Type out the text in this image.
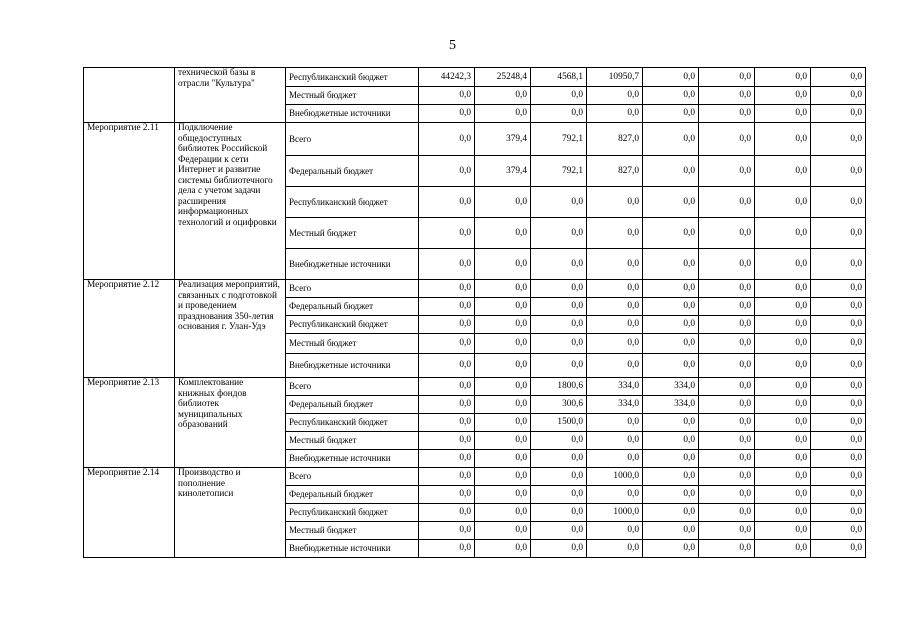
5
	технической базы в отрасли "Культура"	Республиканский бюджет	44242,3	25248,4	4568,1	10950,7	0,0	0,0	0,0	0,0
		Местный бюджет	0,0	0,0	0,0	0,0	0,0	0,0	0,0	0,0
		Внебюджетные источники	0,0	0,0	0,0	0,0	0,0	0,0	0,0	0,0
Мероприятие 2.11	Подключение общедоступных библиотек Российской Федерации к сети Интернет и развитие системы библиотечного дела с учетом задачи расширения информационных технологий и оцифровки	Всего	0,0	379,4	792,1	827,0	0,0	0,0	0,0	0,0
		Федеральный бюджет	0,0	379,4	792,1	827,0	0,0	0,0	0,0	0,0
		Республиканский бюджет	0,0	0,0	0,0	0,0	0,0	0,0	0,0	0,0
		Местный бюджет	0,0	0,0	0,0	0,0	0,0	0,0	0,0	0,0
		Внебюджетные источники	0,0	0,0	0,0	0,0	0,0	0,0	0,0	0,0
Мероприятие 2.12	Реализация мероприятий, связанных с подготовкой и проведением празднования 350-летия основания г. Улан-Удэ	Всего	0,0	0,0	0,0	0,0	0,0	0,0	0,0	0,0
		Федеральный бюджет	0,0	0,0	0,0	0,0	0,0	0,0	0,0	0,0
		Республиканский бюджет	0,0	0,0	0,0	0,0	0,0	0,0	0,0	0,0
		Местный бюджет	0,0	0,0	0,0	0,0	0,0	0,0	0,0	0,0
		Внебюджетные источники	0,0	0,0	0,0	0,0	0,0	0,0	0,0	0,0
Мероприятие 2.13	Комплектование книжных фондов библиотек муниципальных образований	Всего	0,0	0,0	1800,6	334,0	334,0	0,0	0,0	0,0
		Федеральный бюджет	0,0	0,0	300,6	334,0	334,0	0,0	0,0	0,0
		Республиканский бюджет	0,0	0,0	1500,0	0,0	0,0	0,0	0,0	0,0
		Местный бюджет	0,0	0,0	0,0	0,0	0,0	0,0	0,0	0,0
		Внебюджетные источники	0,0	0,0	0,0	0,0	0,0	0,0	0,0	0,0
Мероприятие 2.14	Производство и пополнение кинолетописи	Всего	0,0	0,0	0,0	1000,0	0,0	0,0	0,0	0,0
		Федеральный бюджет	0,0	0,0	0,0	0,0	0,0	0,0	0,0	0,0
		Республиканский бюджет	0,0	0,0	0,0	1000,0	0,0	0,0	0,0	0,0
		Местный бюджет	0,0	0,0	0,0	0,0	0,0	0,0	0,0	0,0
		Внебюджетные источники	0,0	0,0	0,0	0,0	0,0	0,0	0,0	0,0
